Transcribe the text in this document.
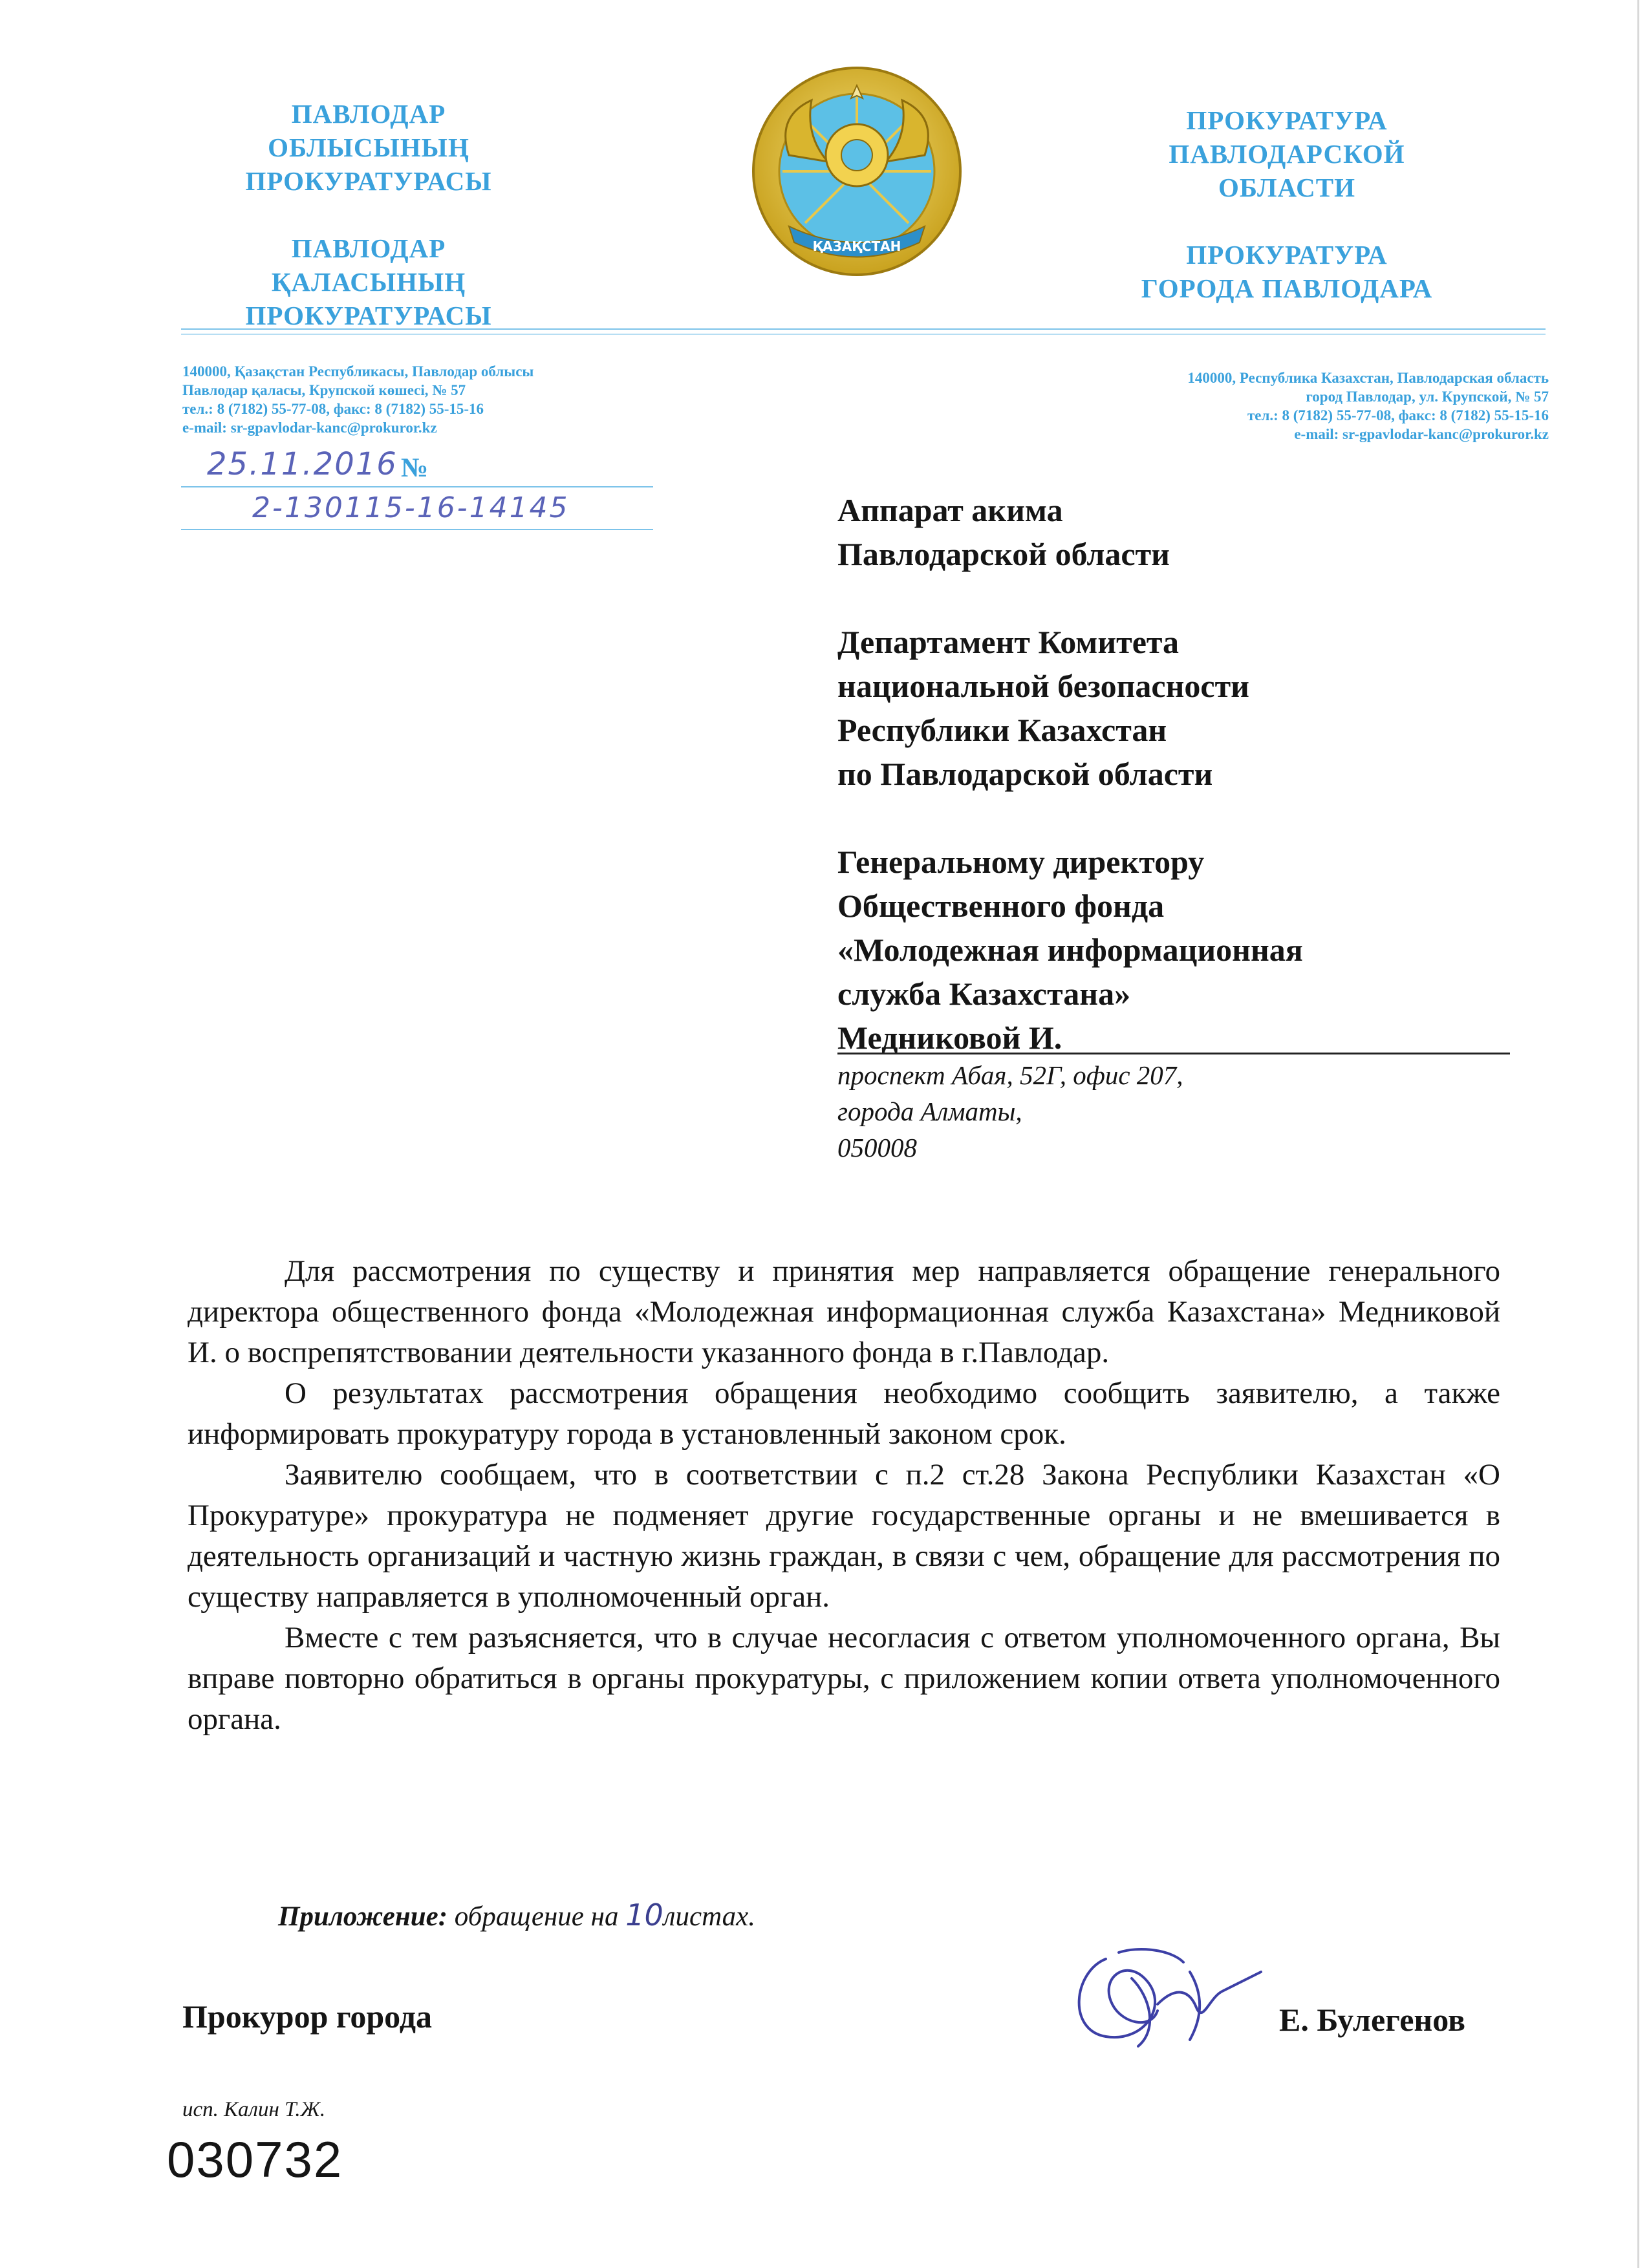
ПАВЛОДАР ОБЛЫСЫНЫҢ
ПРОКУРАТУРАСЫ
ПАВЛОДАР ҚАЛАСЫНЫҢ
ПРОКУРАТУРАСЫ
ҚАЗАҚСТАН
ПРОКУРАТУРА
ПАВЛОДАРСКОЙ ОБЛАСТИ
ПРОКУРАТУРА
ГОРОДА ПАВЛОДАРА
140000, Қазақстан Республикасы, Павлодар облысы
Павлодар қаласы, Крупской көшесі, № 57
тел.: 8 (7182) 55-77-08, факс: 8 (7182) 55-15-16
e-mail: sr-gpavlodar-kanc@prokuror.kz
140000, Республика Казахстан, Павлодарская область
город Павлодар, ул. Крупской, № 57
тел.: 8 (7182) 55-77-08, факс: 8 (7182) 55-15-16
e-mail: sr-gpavlodar-kanc@prokuror.kz
25.11.2016 №
2-130115-16-14145	Аппарат акима
Павлодарской области
Департамент Комитета
национальной безопасности
Республики Казахстан
по Павлодарской области
Генеральному директору
Общественного фонда
«Молодежная информационная
служба Казахстана»
Медниковой И.
проспект Абая, 52Г, офис 207,
города Алматы,
050008

Для рассмотрения по существу и принятия мер направляется обращение генерального директора общественного фонда «Молодежная информационная служба Казахстана» Медниковой И. о воспрепятствовании деятельности указанного фонда в г.Павлодар.

О результатах рассмотрения обращения необходимо сообщить заявителю, а также информировать прокуратуру города в установленный законом срок.

Заявителю сообщаем, что в соответствии с п.2 ст.28 Закона Республики Казахстан «О Прокуратуре» прокуратура не подменяет другие государственные органы и не вмешивается в деятельность организаций и частную жизнь граждан, в связи с чем, обращение для рассмотрения по существу направляется в уполномоченный орган.

Вместе с тем разъясняется, что в случае несогласия с ответом уполномоченного органа, Вы вправе повторно обратиться в органы прокуратуры, с приложением копии ответа уполномоченного органа.

Приложение: обращение на 10листах.
Прокурор города	Е. Булегенов
исп. Калин Т.Ж.
030732
